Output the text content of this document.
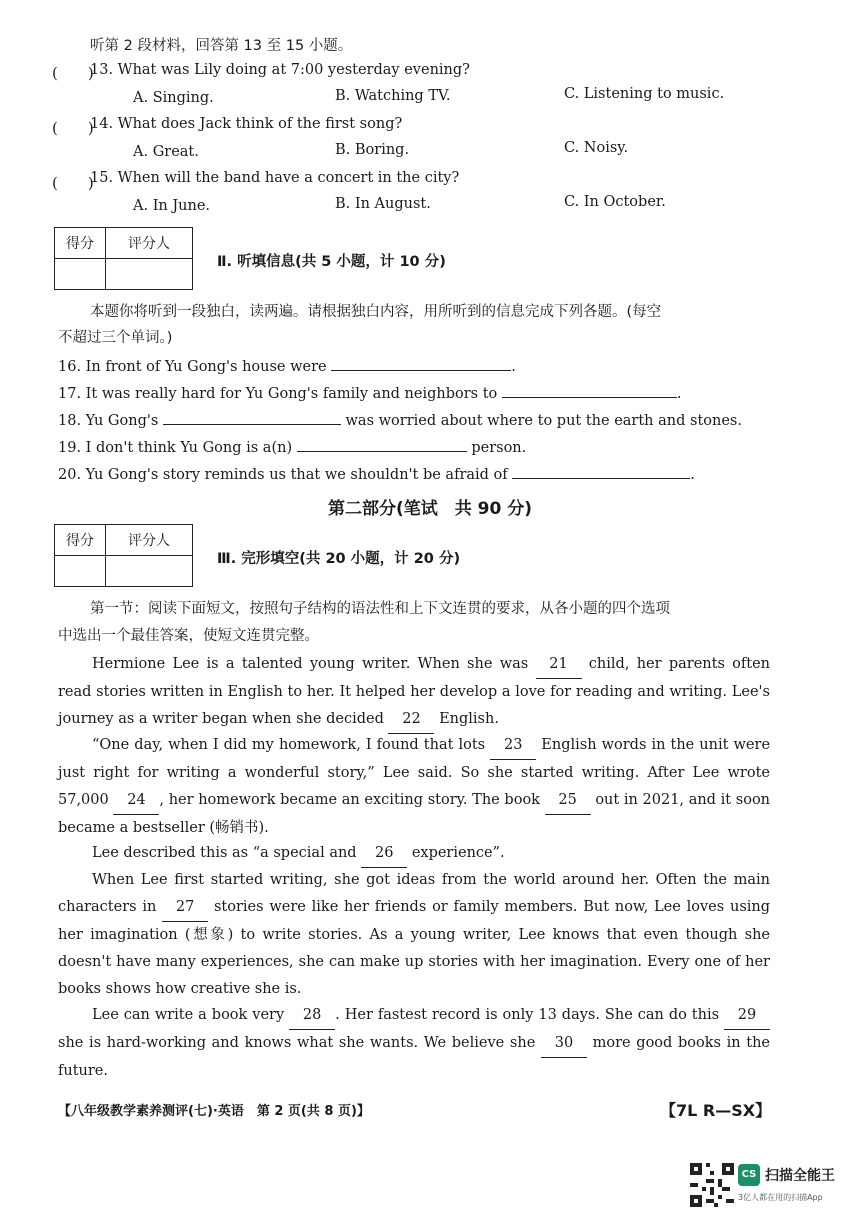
听第 2 段材料，回答第 13 至 15 小题。
(　　)
13. What was Lily doing at 7:00 yesterday evening?
A. Singing.	B. Watching TV.	C. Listening to music.
(　　)
14. What does Jack think of the first song?
A. Great.	B. Boring.	C. Noisy.
(　　)
15. When will the band have a concert in the city?
A. In June.	B. In August.	C. In October.
得分	评分人

Ⅱ. 听填信息(共 5 小题，计 10 分)
本题你将听到一段独白，读两遍。请根据独白内容，用所听到的信息完成下列各题。(每空
不超过三个单词。)
16. In front of Yu Gong's house were	.
17. It was really hard for Yu Gong's family and neighbors to	.
18. Yu Gong's	was worried about where to put the earth and stones.
19. I don't think Yu Gong is a(n)	person.
20. Yu Gong's story reminds us that we shouldn't be afraid of	.
第二部分(笔试　共 90 分)
得分	评分人

Ⅲ. 完形填空(共 20 小题，计 20 分)
第一节：阅读下面短文，按照句子结构的语法性和上下文连贯的要求，从各小题的四个选项
中选出一个最佳答案，使短文连贯完整。
Hermione Lee is a talented young writer. When she was 21 child, her parents often read stories written in English to her. It helped her develop a love for reading and writing. Lee's journey as a writer began when she decided 22 English.
“One day, when I did my homework, I found that lots 23 English words in the unit were just right for writing a wonderful story,” Lee said. So she started writing. After Lee wrote 57,000 24 , her homework became an exciting story. The book 25 out in 2021, and it soon became a bestseller (畅销书).
Lee described this as “a special and 26 experience”.
When Lee first started writing, she got ideas from the world around her. Often the main characters in 27 stories were like her friends or family members. But now, Lee loves using her imagination (想象) to write stories. As a young writer, Lee knows that even though she doesn't have many experiences, she can make up stories with her imagination. Every one of her books shows how creative she is.
Lee can write a book very 28 . Her fastest record is only 13 days. She can do this 29 she is hard-working and knows what she wants. We believe she 30 more good books in the future.
【八年级教学素养测评(七)·英语　第 2 页(共 8 页)】	【7L R—SX】
CS 扫描全能王
3亿人都在用的扫描App
